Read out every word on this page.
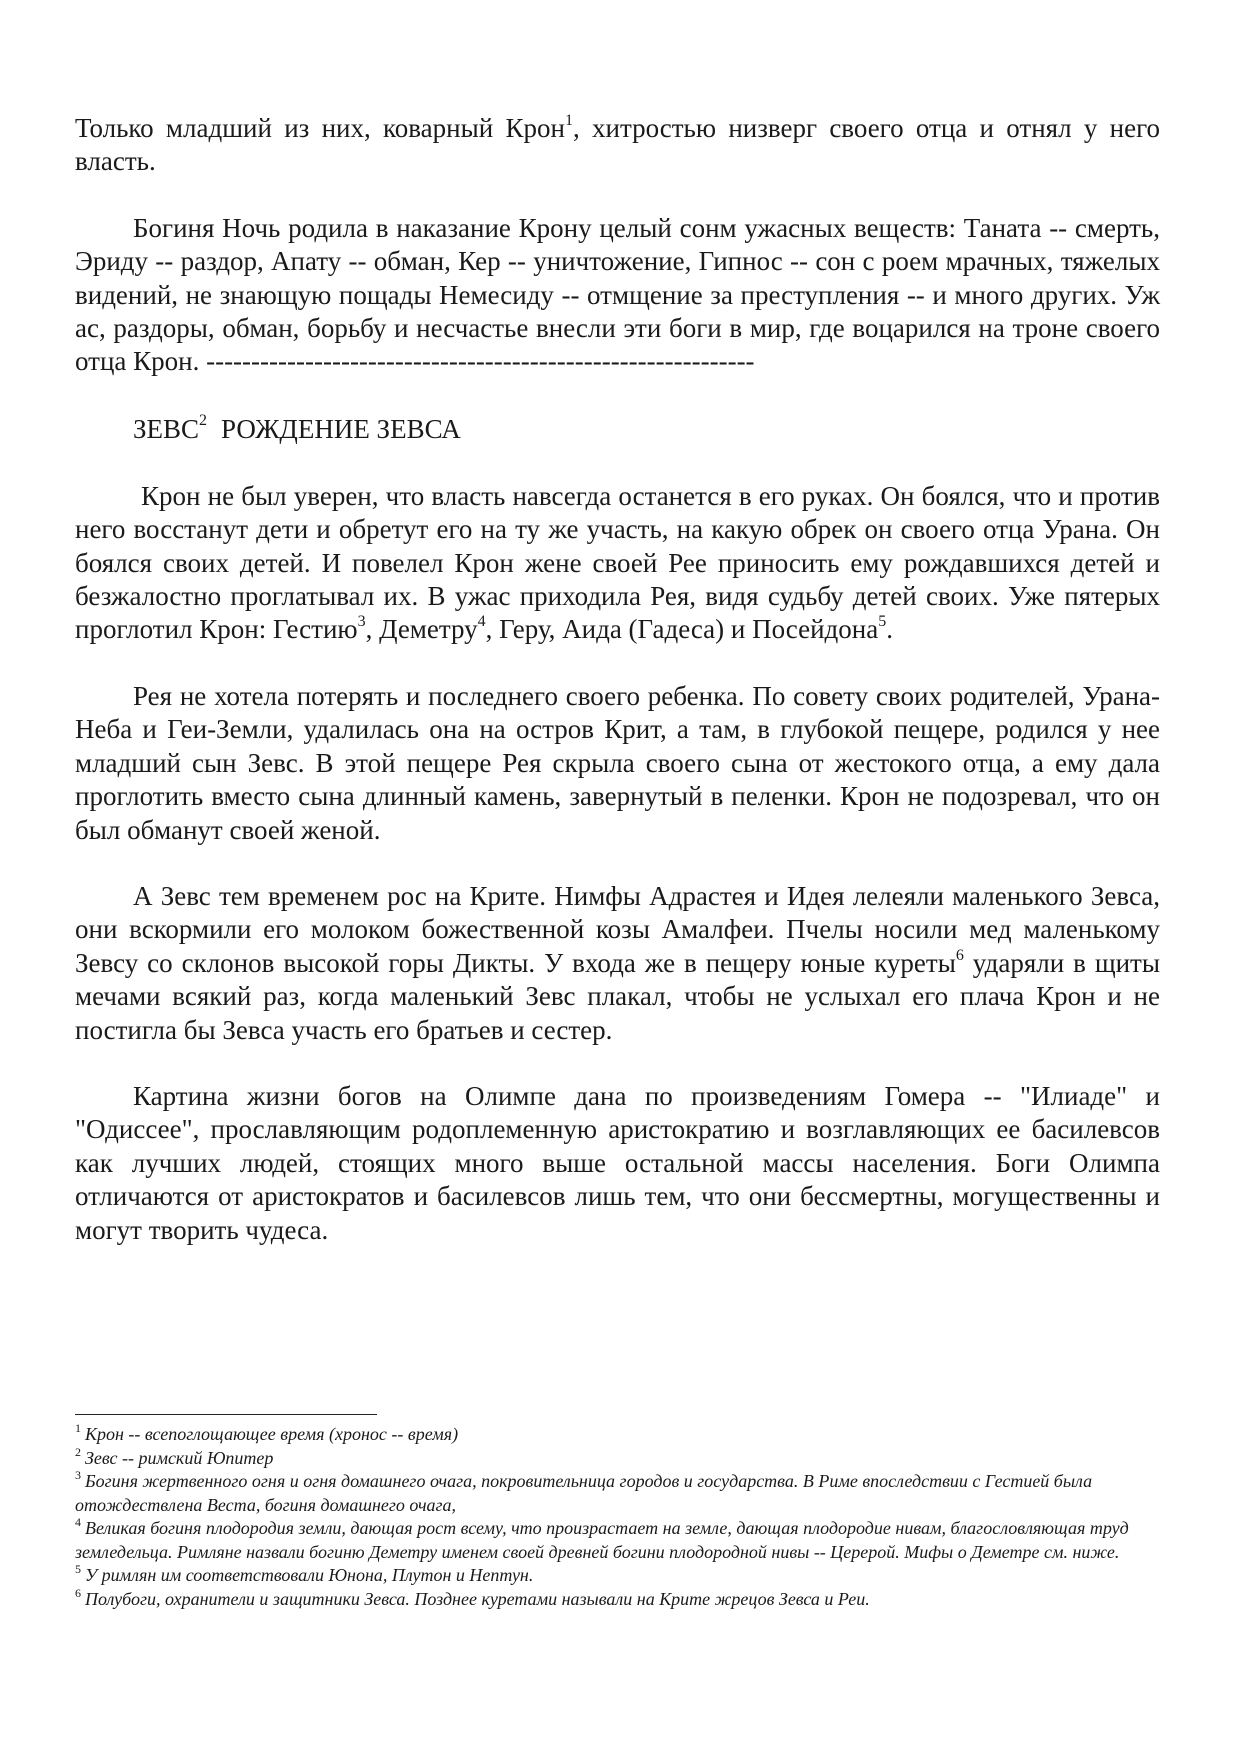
Только младший из них, коварный Крон$^1$, хитростью низверг своего отца и отнял у него власть.

Богиня Ночь родила в наказание Крону целый сонм ужасных веществ: Таната -- смерть, Эриду -- раздор, Апату -- обман, Кер -- уничтожение, Гипнос -- сон с роем мрачных, тяжелых видений, не знающую пощады Немесиду -- отмщение за преступления -- и много других. Ужас, раздоры, обман, борьбу и несчастье внесли эти боги в мир, где воцарился на троне своего отца Крон. -------------------------------------------------------------

ЗЕВС$^2$ РОЖДЕНИЕ ЗЕВСА

Крон не был уверен, что власть навсегда останется в его руках. Он боялся, что и против него восстанут дети и обретут его на ту же участь, на какую обрек он своего отца Урана. Он боялся своих детей. И повелел Крон жене своей Рее приносить ему рождавшихся детей и безжалостно проглатывал их. В ужас приходила Рея, видя судьбу детей своих. Уже пятерых проглотил Крон: Гестию$^3$, Деметру$^4$, Геру, Аида (Гадеса) и Посейдона$^5$.

Рея не хотела потерять и последнего своего ребенка. По совету своих родителей, Урана-Неба и Геи-Земли, удалилась она на остров Крит, а там, в глубокой пещере, родился у нее младший сын Зевс. В этой пещере Рея скрыла своего сына от жестокого отца, а ему дала проглотить вместо сына длинный камень, завернутый в пеленки. Крон не подозревал, что он был обманут своей женой.

А Зевс тем временем рос на Крите. Нимфы Адрастея и Идея лелеяли маленького Зевса, они вскормили его молоком божественной козы Амалфеи. Пчелы носили мед маленькому Зевсу со склонов высокой горы Дикты. У входа же в пещеру юные куреты$^6$ ударяли в щиты мечами всякий раз, когда маленький Зевс плакал, чтобы не услыхал его плача Крон и не постигла бы Зевса участь его братьев и сестер.

Картина жизни богов на Олимпе дана по произведениям Гомера -- "Илиаде" и "Одиссее", прославляющим родоплеменную аристократию и возглавляющих ее басилевсов как лучших людей, стоящих много выше остальной массы населения. Боги Олимпа отличаются от аристократов и басилевсов лишь тем, что они бессмертны, могущественны и могут творить чудеса.

$^1$ Крон -- всепоглощающее время (хронос -- время)

$^2$ Зевс -- римский Юпитер

$^3$ Богиня жертвенного огня и огня домашнего очага, покровительница городов и государства. В Риме впоследствии с Гестией была отождествлена Веста, богиня домашнего очага,

$^4$ Великая богиня плодородия земли, дающая рост всему, что произрастает на земле, дающая плодородие нивам, благословляющая труд земледельца. Римляне назвали богиню Деметру именем своей древней богини плодородной нивы -- Церерой. Мифы о Деметре см. ниже.

$^5$ У римлян им соответствовали Юнона, Плутон и Нептун.

$^6$ Полубоги, охранители и защитники Зевса. Позднее куретами называли на Крите жрецов Зевса и Реи.
